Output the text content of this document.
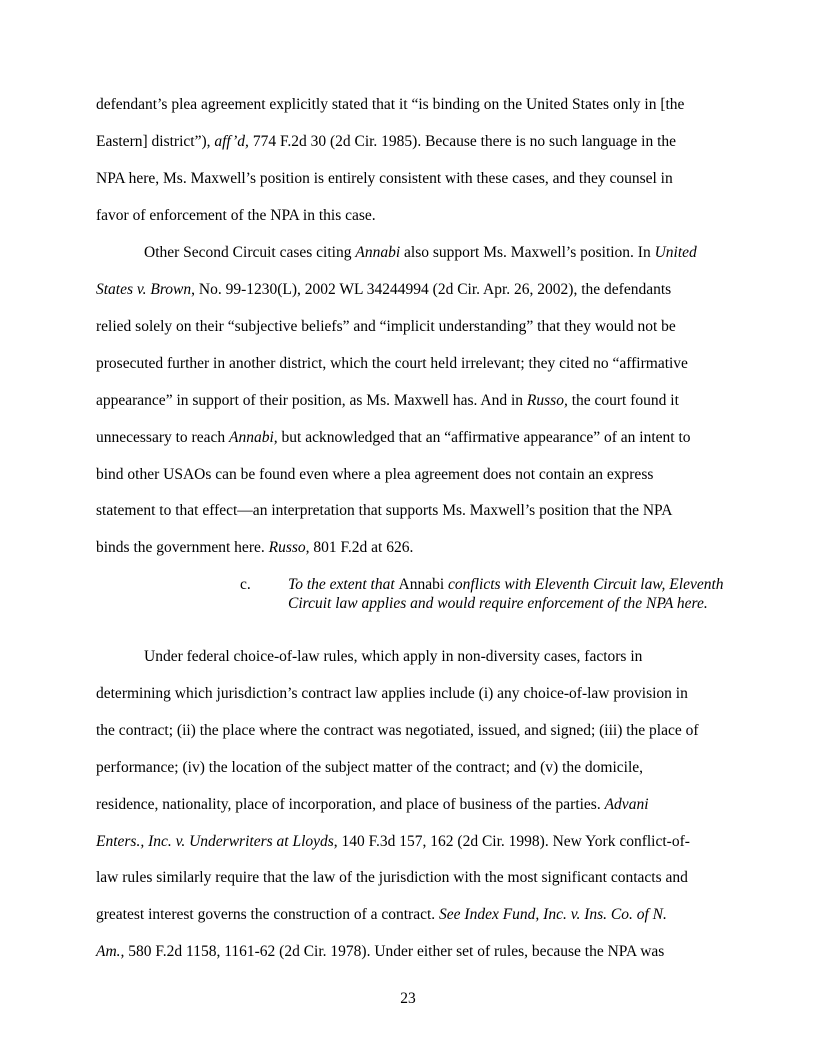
defendant’s plea agreement explicitly stated that it “is binding on the United States only in [the
Eastern] district”), aff’d, 774 F.2d 30 (2d Cir. 1985). Because there is no such language in the
NPA here, Ms. Maxwell’s position is entirely consistent with these cases, and they counsel in
favor of enforcement of the NPA in this case.
Other Second Circuit cases citing Annabi also support Ms. Maxwell’s position. In United
States v. Brown, No. 99-1230(L), 2002 WL 34244994 (2d Cir. Apr. 26, 2002), the defendants
relied solely on their “subjective beliefs” and “implicit understanding” that they would not be
prosecuted further in another district, which the court held irrelevant; they cited no “affirmative
appearance” in support of their position, as Ms. Maxwell has. And in Russo, the court found it
unnecessary to reach Annabi, but acknowledged that an “affirmative appearance” of an intent to
bind other USAOs can be found even where a plea agreement does not contain an express
statement to that effect—an interpretation that supports Ms. Maxwell’s position that the NPA
binds the government here. Russo, 801 F.2d at 626.
c. To the extent that Annabi conflicts with Eleventh Circuit law, Eleventh Circuit law applies and would require enforcement of the NPA here.
Under federal choice-of-law rules, which apply in non-diversity cases, factors in
determining which jurisdiction’s contract law applies include (i) any choice-of-law provision in
the contract; (ii) the place where the contract was negotiated, issued, and signed; (iii) the place of
performance; (iv) the location of the subject matter of the contract; and (v) the domicile,
residence, nationality, place of incorporation, and place of business of the parties. Advani
Enters., Inc. v. Underwriters at Lloyds, 140 F.3d 157, 162 (2d Cir. 1998). New York conflict-of-
law rules similarly require that the law of the jurisdiction with the most significant contacts and
greatest interest governs the construction of a contract. See Index Fund, Inc. v. Ins. Co. of N.
Am., 580 F.2d 1158, 1161-62 (2d Cir. 1978). Under either set of rules, because the NPA was
23
